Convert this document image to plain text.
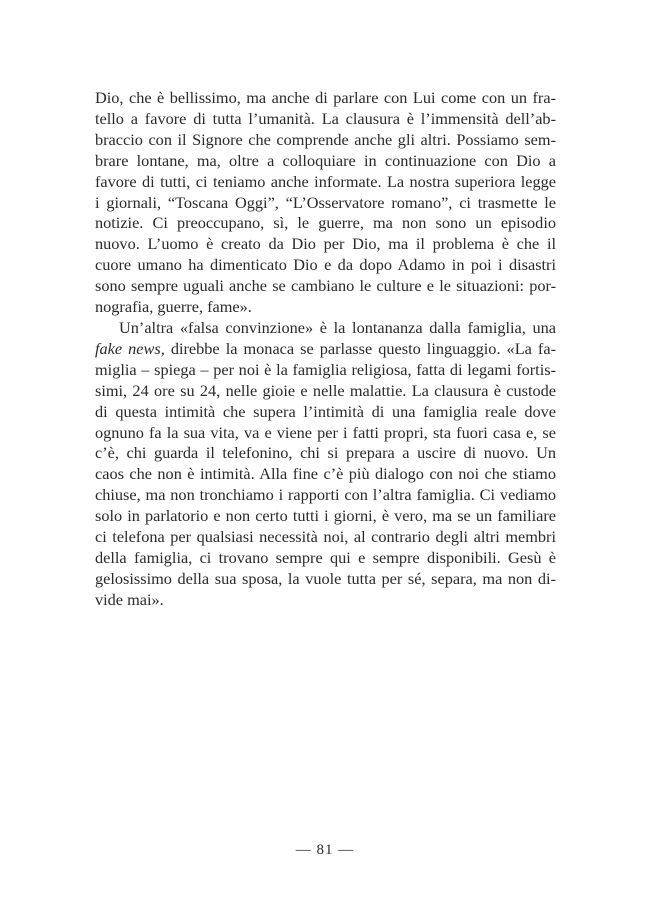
Dio, che è bellissimo, ma anche di parlare con Lui come con un fra-
tello a favore di tutta l’umanità. La clausura è l’immensità dell’ab-
braccio con il Signore che comprende anche gli altri. Possiamo sem-
brare lontane, ma, oltre a colloquiare in continuazione con Dio a
favore di tutti, ci teniamo anche informate. La nostra superiora legge
i giornali, “Toscana Oggi”, “L’Osservatore romano”, ci trasmette le
notizie. Ci preoccupano, sì, le guerre, ma non sono un episodio
nuovo. L’uomo è creato da Dio per Dio, ma il problema è che il
cuore umano ha dimenticato Dio e da dopo Adamo in poi i disastri
sono sempre uguali anche se cambiano le culture e le situazioni: por-
nografia, guerre, fame».
Un’altra «falsa convinzione» è la lontananza dalla famiglia, una
fake news, direbbe la monaca se parlasse questo linguaggio. «La fa-
miglia – spiega – per noi è la famiglia religiosa, fatta di legami fortis-
simi, 24 ore su 24, nelle gioie e nelle malattie. La clausura è custode
di questa intimità che supera l’intimità di una famiglia reale dove
ognuno fa la sua vita, va e viene per i fatti propri, sta fuori casa e, se
c’è, chi guarda il telefonino, chi si prepara a uscire di nuovo. Un
caos che non è intimità. Alla fine c’è più dialogo con noi che stiamo
chiuse, ma non tronchiamo i rapporti con l’altra famiglia. Ci vediamo
solo in parlatorio e non certo tutti i giorni, è vero, ma se un familiare
ci telefona per qualsiasi necessità noi, al contrario degli altri membri
della famiglia, ci trovano sempre qui e sempre disponibili. Gesù è
gelosissimo della sua sposa, la vuole tutta per sé, separa, ma non di-
vide mai».
— 81 —
